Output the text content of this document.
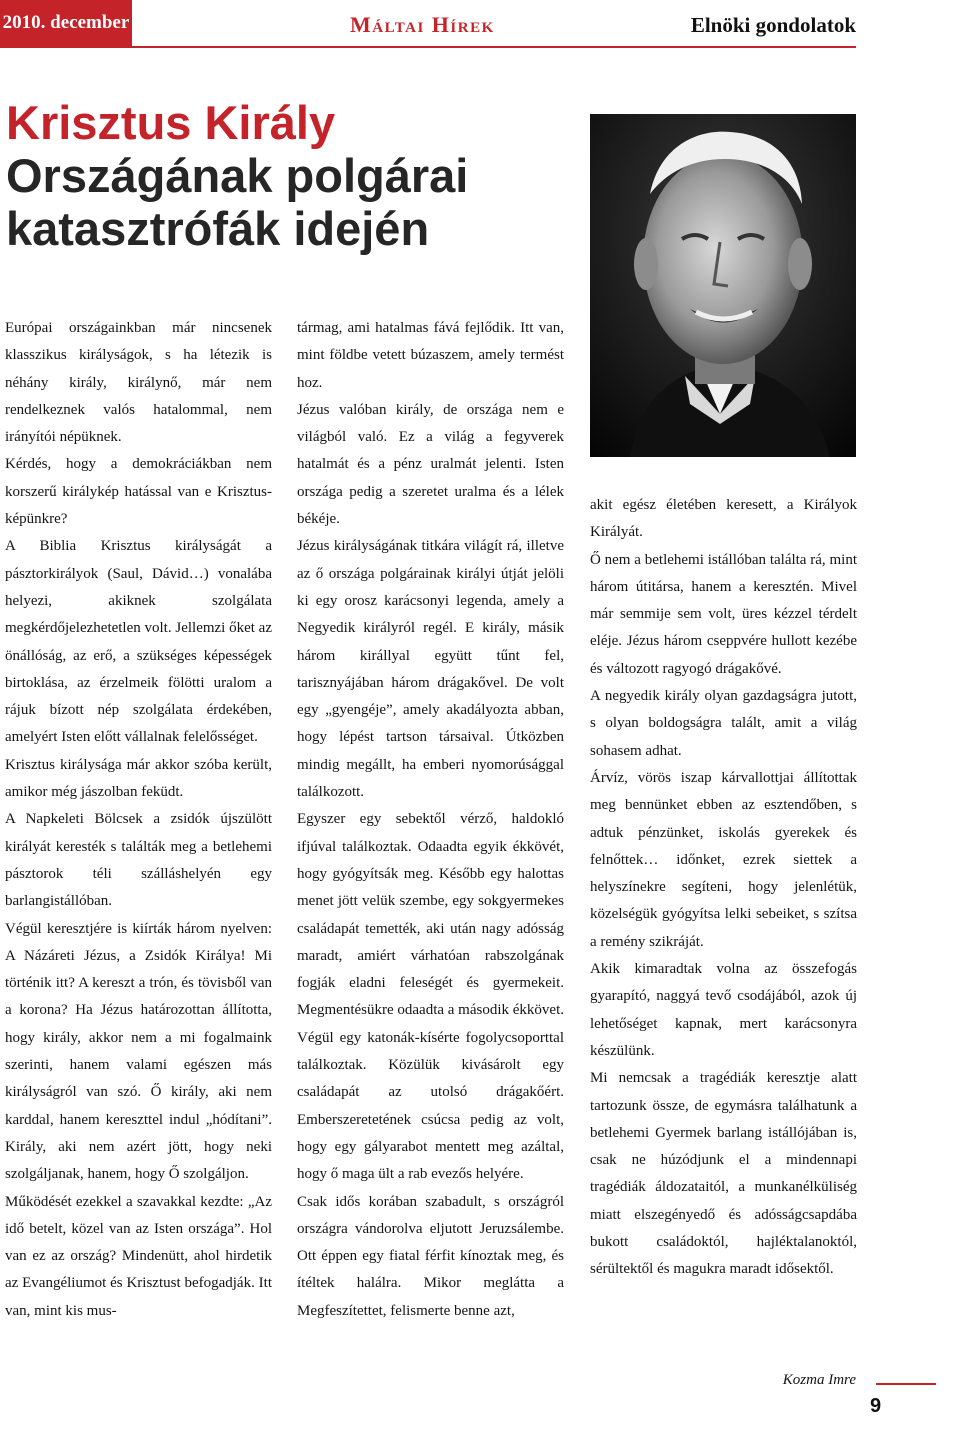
2010. december	Máltai Hírek	Elnöki gondolatok
Krisztus Király
Országának polgárai
katasztrófák idején

Európai országainkban már nincsenek klasszikus királyságok, s ha létezik is néhány király, királynő, már nem rendelkeznek valós hatalommal, nem irányítói népüknek.

Kérdés, hogy a demokráciákban nem korszerű királykép hatással van e Krisztus-képünkre?

A Biblia Krisztus királyságát a pásztorkirályok (Saul, Dávid…) vonalába helyezi, akiknek szolgálata megkérdőjelezhetetlen volt. Jellemzi őket az önállóság, az erő, a szükséges képességek birtoklása, az érzelmeik fölötti uralom a rájuk bízott nép szolgálata érdekében, amelyért Isten előtt vállalnak felelősséget.

Krisztus királysága már akkor szóba került, amikor még jászolban feküdt.

A Napkeleti Bölcsek a zsidók újszülött királyát keresték s találták meg a betlehemi pásztorok téli szálláshelyén egy barlangistállóban.

Végül keresztjére is kiírták három nyelven: A Názáreti Jézus, a Zsidók Királya! Mi történik itt? A kereszt a trón, és tövisből van a korona? Ha Jézus határozottan állította, hogy király, akkor nem a mi fogalmaink szerinti, hanem valami egészen más királyságról van szó. Ő király, aki nem karddal, hanem kereszttel indul „hódítani”. Király, aki nem azért jött, hogy neki szolgáljanak, hanem, hogy Ő szolgáljon.

Működését ezekkel a szavakkal kezdte: „Az idő betelt, közel van az Isten országa”. Hol van ez az ország? Mindenütt, ahol hirdetik az Evangéliumot és Krisztust befogadják. Itt van, mint kis mus-

tármag, ami hatalmas fává fejlődik. Itt van, mint földbe vetett búzaszem, amely termést hoz.

Jézus valóban király, de országa nem e világból való. Ez a világ a fegyverek hatalmát és a pénz uralmát jelenti. Isten országa pedig a szeretet uralma és a lélek békéje.

Jézus királyságának titkára világít rá, illetve az ő országa polgárainak királyi útját jelöli ki egy orosz karácsonyi legenda, amely a Negyedik királyról regél. E király, másik három királlyal együtt tűnt fel, tarisznyájában három drágakővel. De volt egy „gyengéje”, amely akadályozta abban, hogy lépést tartson társaival. Útközben mindig megállt, ha emberi nyomorúsággal találkozott.

Egyszer egy sebektől vérző, haldokló ifjúval találkoztak. Odaadta egyik ékkövét, hogy gyógyítsák meg. Később egy halottas menet jött velük szembe, egy sokgyermekes családapát temették, aki után nagy adósság maradt, amiért várhatóan rabszolgának fogják eladni feleségét és gyermekeit. Megmentésükre odaadta a második ékkövet.

Végül egy katonák-kísérte fogolycsoporttal találkoztak. Közülük kivásárolt egy családapát az utolsó drágakőért. Emberszeretetének csúcsa pedig az volt, hogy egy gályarabot mentett meg azáltal, hogy ő maga ült a rab evezős helyére.

Csak idős korában szabadult, s országról országra vándorolva eljutott Jeruzsálembe. Ott éppen egy fiatal férfit kínoztak meg, és ítéltek halálra. Mikor meglátta a Megfeszítettet, felismerte benne azt,

akit egész életében keresett, a Királyok Királyát.

Ő nem a betlehemi istállóban találta rá, mint három útitársa, hanem a keresztén. Mivel már semmije sem volt, üres kézzel térdelt eléje. Jézus három cseppvére hullott kezébe és változott ragyogó drágakővé.

A negyedik király olyan gazdagságra jutott, s olyan boldogságra talált, amit a világ sohasem adhat.

Árvíz, vörös iszap kárvallottjai állítottak meg bennünket ebben az esztendőben, s adtuk pénzünket, iskolás gyerekek és felnőttek… időnket, ezrek siettek a helyszínekre segíteni, hogy jelenlétük, közelségük gyógyítsa lelki sebeiket, s szítsa a remény szikráját.

Akik kimaradtak volna az összefogás gyarapító, naggyá tevő csodájából, azok új lehetőséget kapnak, mert karácsonyra készülünk.

Mi nemcsak a tragédiák keresztje alatt tartozunk össze, de egymásra találhatunk a betlehemi Gyermek barlang istállójában is, csak ne húzódjunk el a mindennapi tragédiák áldozataitól, a munkanélküliség miatt elszegényedő és adósságcsapdába bukott családoktól, hajléktalanoktól, sérültektől és magukra maradt idősektől.

Kozma Imre
9
